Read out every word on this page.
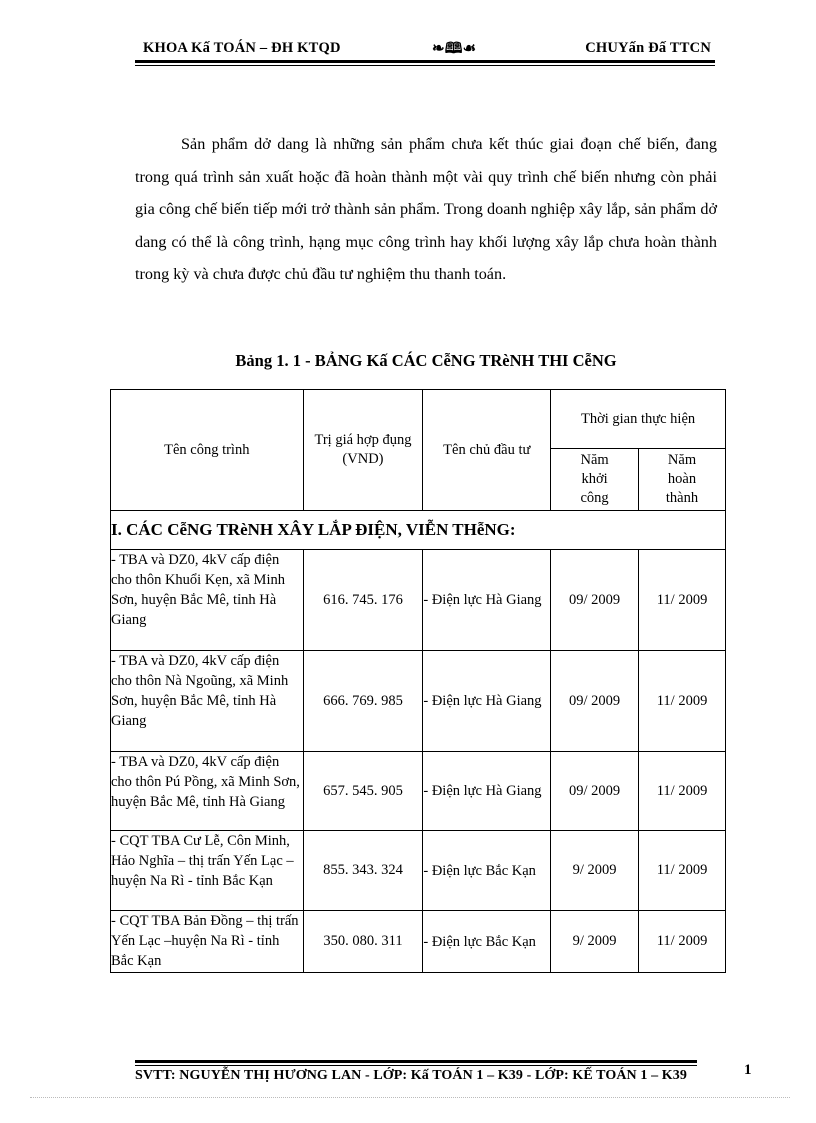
KHOA Kấ TOÁN – ĐH KTQD	❧🕮☙	CHUYấn Đấ TTCN

Sản phẩm dở dang là những sản phẩm chưa kết thúc giai đoạn chế biến, đang trong quá trình sản xuất hoặc đã hoàn thành một vài quy trình chế biến nhưng còn phải gia công chế biến tiếp mới trở thành sản phẩm. Trong doanh nghiệp xây lắp, sản phẩm dở dang có thể là công trình, hạng mục công trình hay khối lượng xây lắp chưa hoàn thành trong kỳ và chưa được chủ đầu tư nghiệm thu thanh toán.

Bảng 1. 1 - BẢNG Kấ CÁC CễNG TRèNH THI CễNG
Tên công trình	Trị giá hợp đụng (VND)	Tên chủ đầu tư	Thời gian thực hiện	
			Năm khởi công	Năm hoàn thành
I. CÁC CễNG TRèNH XÂY LẮP ĐIỆN, VIỄN THễNG:				
- TBA và DZ0, 4kV cấp điện cho thôn Khuổi Kẹn, xã Minh Sơn, huyện Bắc Mê, tỉnh Hà Giang	616. 745. 176	- Điện lực Hà Giang	09/ 2009	11/ 2009
- TBA và DZ0, 4kV cấp điện cho thôn Nà Ngoũng, xã Minh Sơn, huyện Bắc Mê, tỉnh Hà Giang	666. 769. 985	- Điện lực Hà Giang	09/ 2009	11/ 2009
- TBA và DZ0, 4kV cấp điện cho thôn Pú Pồng, xã Minh Sơn, huyện Bắc Mê, tỉnh Hà Giang	657. 545. 905	- Điện lực Hà Giang	09/ 2009	11/ 2009
- CQT TBA Cư Lễ, Côn Minh, Hảo Nghĩa – thị trấn Yến Lạc –huyện Na Rì - tỉnh Bắc Kạn	855. 343. 324	- Điện lực Bắc Kạn	9/ 2009	11/ 2009
- CQT TBA Bản Đồng – thị trấn Yến Lạc –huyện Na Rì - tỉnh Bắc Kạn	350. 080. 311	- Điện lực Bắc Kạn	9/ 2009	11/ 2009
SVTT: NGUYỄN THỊ HƯƠNG LAN - LỚP: Kấ TOÁN 1 – K39 - LỚP: KẾ TOÁN 1 – K39	1
